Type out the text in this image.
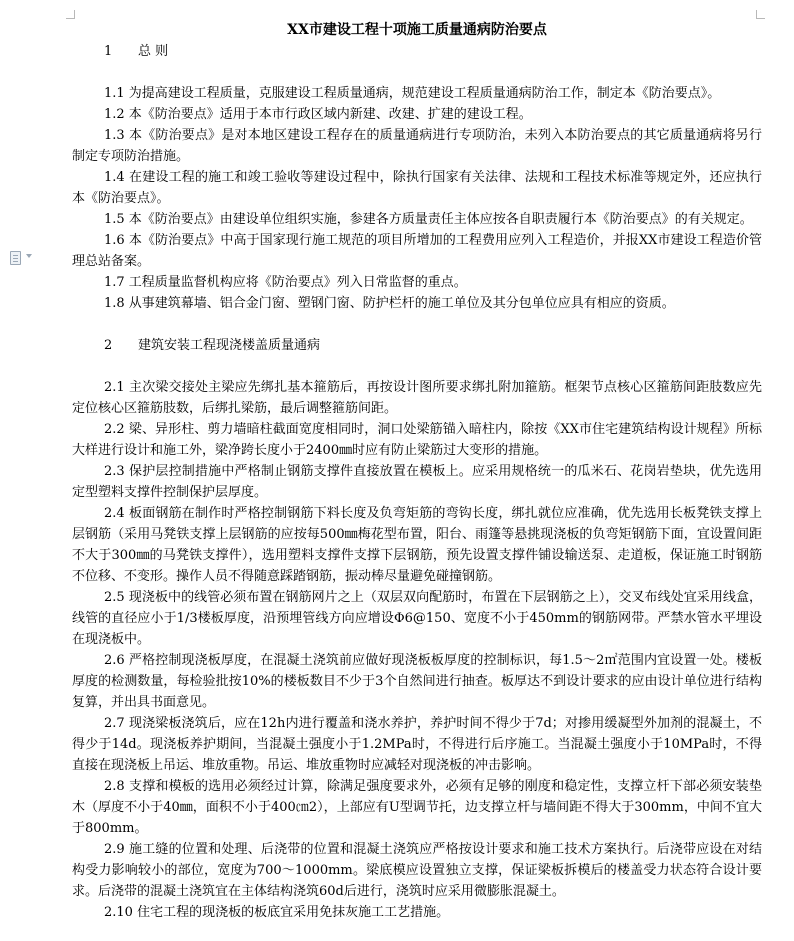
XX市建设工程十项施工质量通病防治要点

1 总 则

1.1 为提高建设工程质量，克服建设工程质量通病，规范建设工程质量通病防治工作，制定本《防治要点》。

1.2 本《防治要点》适用于本市行政区域内新建、改建、扩建的建设工程。

1.3 本《防治要点》是对本地区建设工程存在的质量通病进行专项防治，未列入本防治要点的其它质量通病将另行制定专项防治措施。

1.4 在建设工程的施工和竣工验收等建设过程中，除执行国家有关法律、法规和工程技术标准等规定外，还应执行本《防治要点》。

1.5 本《防治要点》由建设单位组织实施，参建各方质量责任主体应按各自职责履行本《防治要点》的有关规定。

1.6 本《防治要点》中高于国家现行施工规范的项目所增加的工程费用应列入工程造价，并报XX市建设工程造价管理总站备案。

1.7 工程质量监督机构应将《防治要点》列入日常监督的重点。

1.8 从事建筑幕墙、铝合金门窗、塑钢门窗、防护栏杆的施工单位及其分包单位应具有相应的资质。

2 建筑安装工程现浇楼盖质量通病

2.1 主次梁交接处主梁应先绑扎基本箍筋后，再按设计图所要求绑扎附加箍筋。框架节点核心区箍筋间距肢数应先定位核心区箍筋肢数，后绑扎梁筋，最后调整箍筋间距。

2.2 梁、异形柱、剪力墙暗柱截面宽度相同时，洞口处梁筋锚入暗柱内，除按《XX市住宅建筑结构设计规程》所标大样进行设计和施工外，梁净跨长度小于2400㎜时应有防止梁筋过大变形的措施。

2.3 保护层控制措施中严格制止钢筋支撑件直接放置在模板上。应采用规格统一的瓜米石、花岗岩垫块，优先选用定型塑料支撑件控制保护层厚度。

2.4 板面钢筋在制作时严格控制钢筋下料长度及负弯矩筋的弯钩长度，绑扎就位应准确，优先选用长板凳铁支撑上层钢筋（采用马凳铁支撑上层钢筋的应按每500㎜梅花型布置，阳台、雨篷等悬挑现浇板的负弯矩钢筋下面，宜设置间距不大于300㎜的马凳铁支撑件），选用塑料支撑件支撑下层钢筋，预先设置支撑件铺设输送泵、走道板，保证施工时钢筋不位移、不变形。操作人员不得随意踩踏钢筋，振动棒尽量避免碰撞钢筋。

2.5 现浇板中的线管必须布置在钢筋网片之上（双层双向配筋时，布置在下层钢筋之上），交叉布线处宜采用线盒，线管的直径应小于1/3楼板厚度，沿预埋管线方向应增设Φ6@150、宽度不小于450mm的钢筋网带。严禁水管水平埋设在现浇板中。

2.6 严格控制现浇板厚度，在混凝土浇筑前应做好现浇板板厚度的控制标识，每1.5～2㎡范围内宜设置一处。楼板厚度的检测数量，每检验批按10%的楼板数目不少于3个自然间进行抽查。板厚达不到设计要求的应由设计单位进行结构复算，并出具书面意见。

2.7 现浇梁板浇筑后，应在12h内进行覆盖和浇水养护，养护时间不得少于7d；对掺用缓凝型外加剂的混凝土，不得少于14d。现浇板养护期间，当混凝土强度小于1.2MPa时，不得进行后序施工。当混凝土强度小于10MPa时，不得直接在现浇板上吊运、堆放重物。吊运、堆放重物时应减轻对现浇板的冲击影响。

2.8 支撑和模板的选用必须经过计算，除满足强度要求外，必须有足够的刚度和稳定性，支撑立杆下部必须安装垫木（厚度不小于40㎜，面积不小于400㎝2），上部应有U型调节托，边支撑立杆与墙间距不得大于300mm，中间不宜大于800mm。

2.9 施工缝的位置和处理、后浇带的位置和混凝土浇筑应严格按设计要求和施工技术方案执行。后浇带应设在对结构受力影响较小的部位，宽度为700～1000mm。梁底模应设置独立支撑，保证梁板拆模后的楼盖受力状态符合设计要求。后浇带的混凝土浇筑宜在主体结构浇筑60d后进行，浇筑时应采用微膨胀混凝土。

2.10 住宅工程的现浇板的板底宜采用免抹灰施工工艺措施。
